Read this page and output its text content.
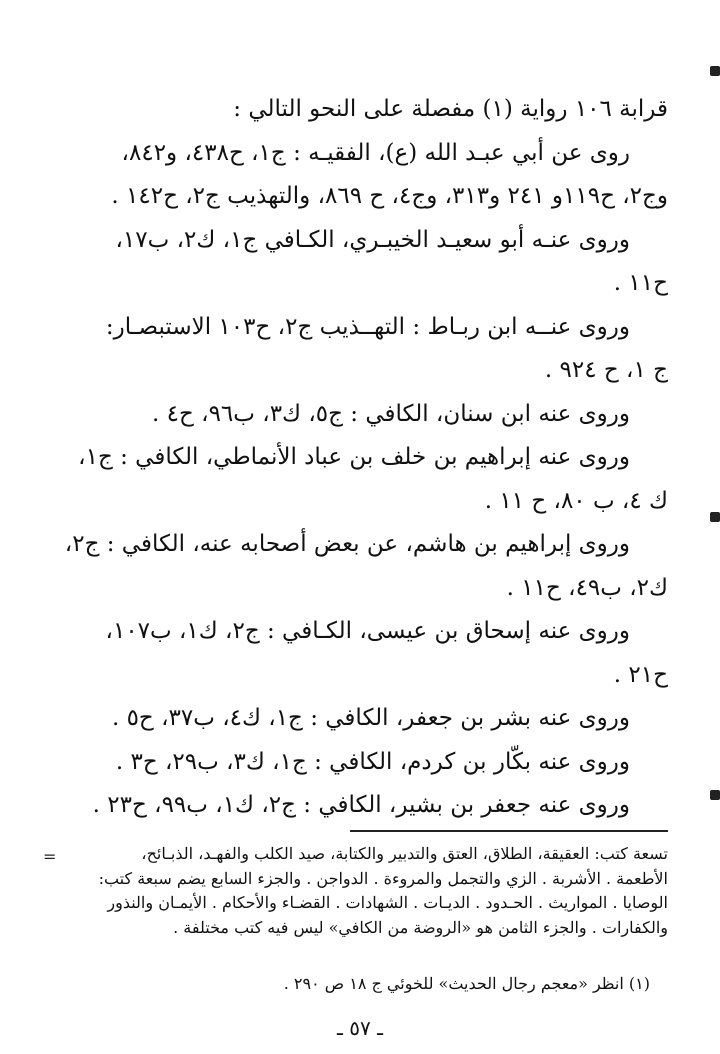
قرابة ١٠٦ رواية (١) مفصلة على النحو التالي :
روى عن أبي عبـد الله (ع)، الفقيـه : ج١، ح٤٣٨، و٨٤٢،
وج٢، ح١١٩و ٢٤١ و٣١٣، وج٤، ح ٨٦٩، والتهذيب ج٢، ح١٤٢ .
وروى عنـه أبو سعيـد الخيبـري، الكـافي ج١، ك٢، ب١٧،
ح١١ .
وروى عنــه ابن ربـاط : التهــذيب ج٢، ح١٠٣ الاستبصـار:
ج ١، ح ٩٢٤ .
وروى عنه ابن سنان، الكافي : ج٥، ك٣، ب٩٦، ح٤ .
وروى عنه إبراهيم بن خلف بن عباد الأنماطي، الكافي : ج١،
ك ٤، ب ٨٠، ح ١١ .
وروى إبراهيم بن هاشم، عن بعض أصحابه عنه، الكافي : ج٢،
ك٢، ب٤٩، ح١١ .
وروى عنه إسحاق بن عيسى، الكـافي : ج٢، ك١، ب١٠٧،
ح٢١ .
وروى عنه بشر بن جعفر، الكافي : ج١، ك٤، ب٣٧، ح٥ .
وروى عنه بكّار بن كردم، الكافي : ج١، ك٣، ب٢٩، ح٣ .
وروى عنه جعفر بن بشير، الكافي : ج٢، ك١، ب٩٩، ح٢٣ .
=	تسعة كتب: العقيقة، الطلاق، العتق والتدبير والكتابة، صيد الكلب والفهـد، الذبـائح،
الأطعمة . الأشربة . الزي والتجمل والمروءة . الدواجن . والجزء السابع يضم سبعة كتب:
الوصايا . المواريث . الحـدود . الديـات . الشهادات . القضـاء والأحكام . الأيمـان والنذور
والكفارات . والجزء الثامن هو «الروضة من الكافي» ليس فيه كتب مختلفة .
(١) انظر «معجم رجال الحديث» للخوئي ج ١٨ ص ٢٩٠ .
ـ ٥٧ ـ
